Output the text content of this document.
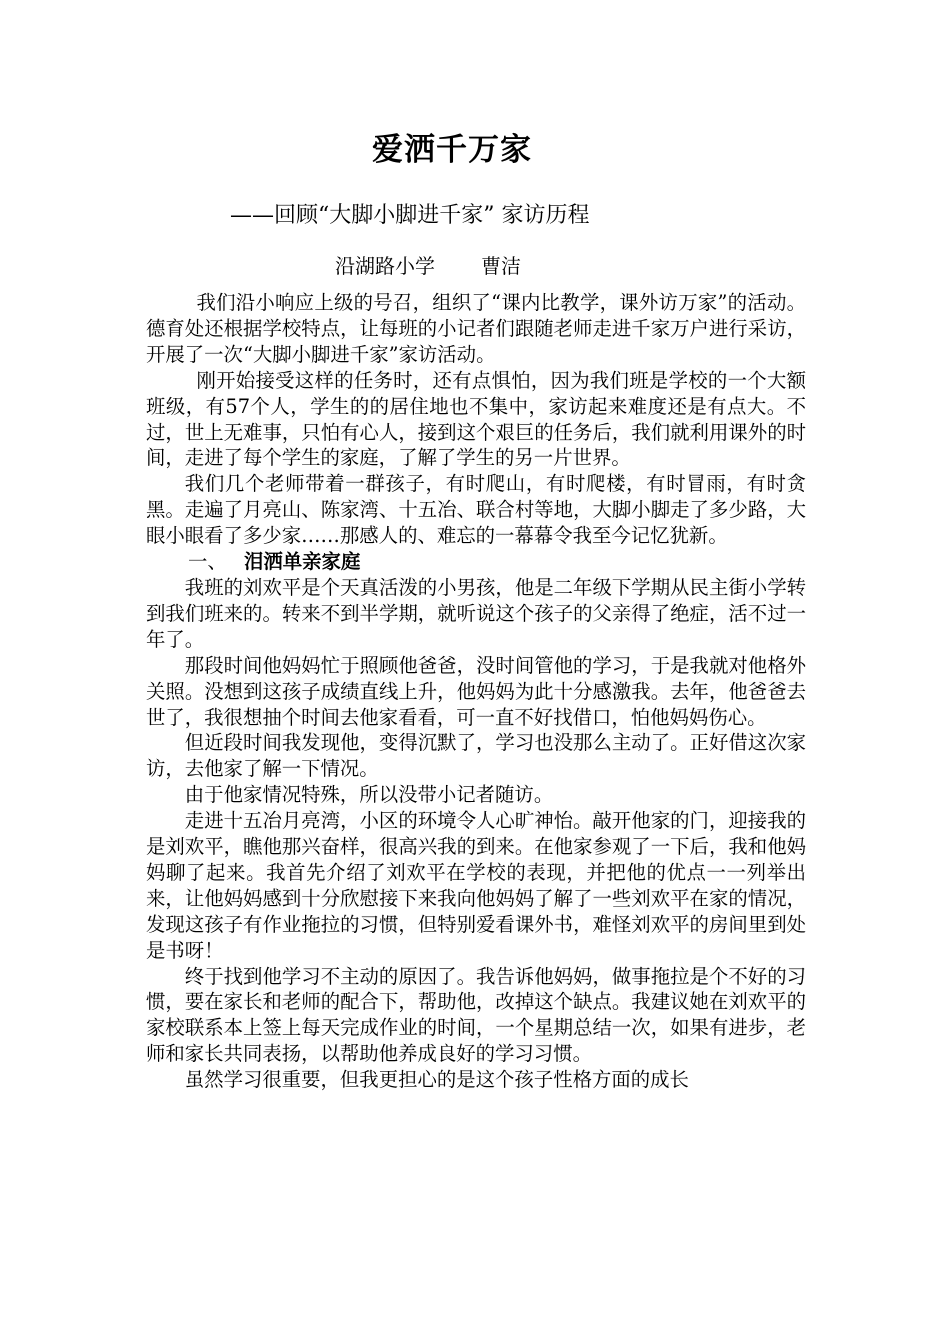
爱洒千万家

——回顾“大脚小脚进千家” 家访历程

沿湖路小学 曹洁

我们沿小响应上级的号召，组织了“课内比教学，课外访万家”的活动。德育处还根据学校特点，让每班的小记者们跟随老师走进千家万户进行采访，开展了一次“大脚小脚进千家”家访活动。

刚开始接受这样的任务时，还有点惧怕，因为我们班是学校的一个大额班级，有57个人，学生的的居住地也不集中，家访起来难度还是有点大。不过，世上无难事，只怕有心人，接到这个艰巨的任务后，我们就利用课外的时间，走进了每个学生的家庭，了解了学生的另一片世界。

我们几个老师带着一群孩子，有时爬山，有时爬楼，有时冒雨，有时贪黑。走遍了月亮山、陈家湾、十五冶、联合村等地，大脚小脚走了多少路，大眼小眼看了多少家……那感人的、难忘的一幕幕令我至今记忆犹新。

一、 泪洒单亲家庭

我班的刘欢平是个天真活泼的小男孩，他是二年级下学期从民主街小学转到我们班来的。转来不到半学期，就听说这个孩子的父亲得了绝症，活不过一年了。

那段时间他妈妈忙于照顾他爸爸，没时间管他的学习，于是我就对他格外关照。没想到这孩子成绩直线上升，他妈妈为此十分感激我。去年，他爸爸去世了，我很想抽个时间去他家看看，可一直不好找借口，怕他妈妈伤心。

但近段时间我发现他，变得沉默了，学习也没那么主动了。正好借这次家访，去他家了解一下情况。

由于他家情况特殊，所以没带小记者随访。

走进十五冶月亮湾，小区的环境令人心旷神怡。敲开他家的门，迎接我的是刘欢平，瞧他那兴奋样，很高兴我的到来。在他家参观了一下后，我和他妈妈聊了起来。我首先介绍了刘欢平在学校的表现，并把他的优点一一列举出来，让他妈妈感到十分欣慰接下来我向他妈妈了解了一些刘欢平在家的情况，发现这孩子有作业拖拉的习惯，但特别爱看课外书，难怪刘欢平的房间里到处是书呀！

终于找到他学习不主动的原因了。我告诉他妈妈，做事拖拉是个不好的习惯，要在家长和老师的配合下，帮助他，改掉这个缺点。我建议她在刘欢平的家校联系本上签上每天完成作业的时间，一个星期总结一次，如果有进步，老师和家长共同表扬，以帮助他养成良好的学习习惯。

虽然学习很重要，但我更担心的是这个孩子性格方面的成长
